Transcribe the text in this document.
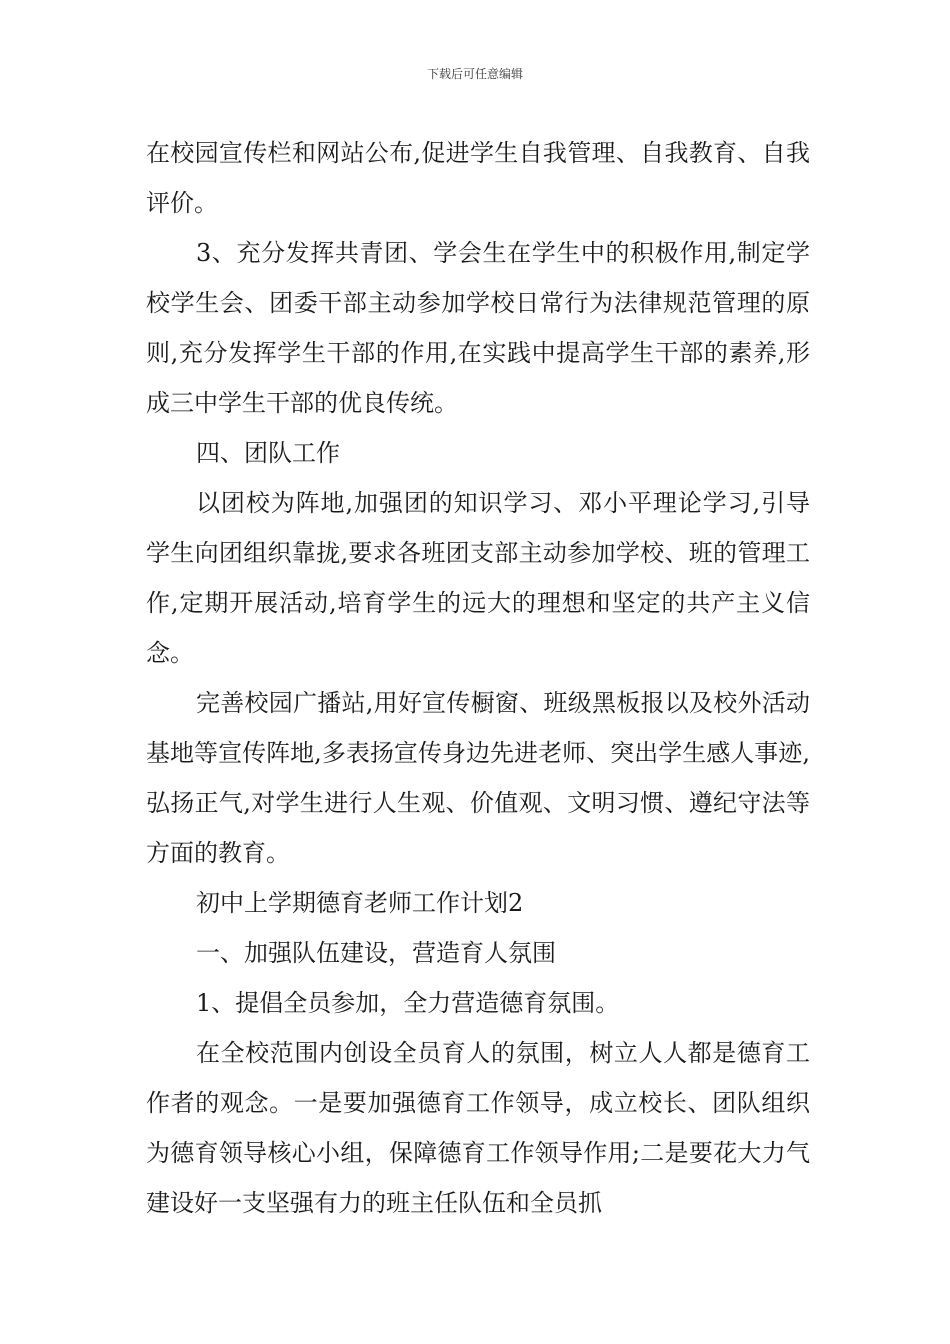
下载后可任意编辑

在校园宣传栏和网站公布,促进学生自我管理、自我教育、自我评价。

3、充分发挥共青团、学会生在学生中的积极作用,制定学校学生会、团委干部主动参加学校日常行为法律规范管理的原则,充分发挥学生干部的作用,在实践中提高学生干部的素养,形成三中学生干部的优良传统。

四、团队工作

以团校为阵地,加强团的知识学习、邓小平理论学习,引导学生向团组织靠拢,要求各班团支部主动参加学校、班的管理工作,定期开展活动,培育学生的远大的理想和坚定的共产主义信念。

完善校园广播站,用好宣传橱窗、班级黑板报以及校外活动基地等宣传阵地,多表扬宣传身边先进老师、突出学生感人事迹,弘扬正气,对学生进行人生观、价值观、文明习惯、遵纪守法等方面的教育。

初中上学期德育老师工作计划2

一、加强队伍建设，营造育人氛围

1、提倡全员参加，全力营造德育氛围。

在全校范围内创设全员育人的氛围，树立人人都是德育工作者的观念。一是要加强德育工作领导，成立校长、团队组织为德育领导核心小组，保障德育工作领导作用;二是要花大力气建设好一支坚强有力的班主任队伍和全员抓
